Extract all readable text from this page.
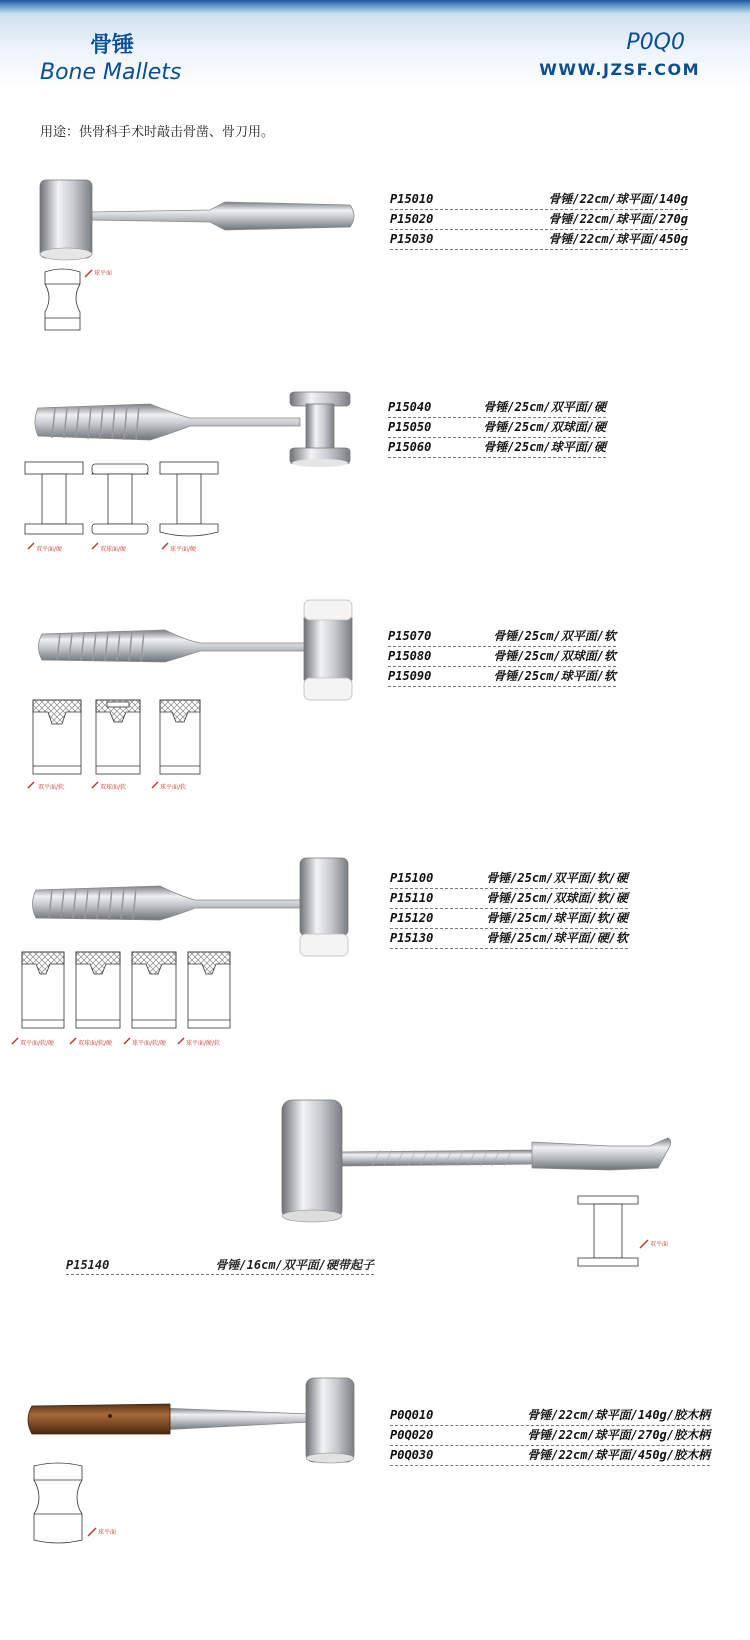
骨锤
Bone Mallets
P0Q0
WWW.JZSF.COM
用途：供骨科手术时敲击骨凿、骨刀用。
球平面
双平面/硬	双球面/硬	球平面/硬
双平面/软	双球面/软	球平面/软
双平面/软/硬	双球面/软/硬	球平面/软/硬	球平面/硬/软
双平面
球平面
P15010	骨锤/22cm/球平面/140g
P15020	骨锤/22cm/球平面/270g
P15030	骨锤/22cm/球平面/450g
P15040	骨锤/25cm/双平面/硬
P15050	骨锤/25cm/双球面/硬
P15060	骨锤/25cm/球平面/硬
P15070	骨锤/25cm/双平面/软
P15080	骨锤/25cm/双球面/软
P15090	骨锤/25cm/球平面/软
P15100	骨锤/25cm/双平面/软/硬
P15110	骨锤/25cm/双球面/软/硬
P15120	骨锤/25cm/球平面/软/硬
P15130	骨锤/25cm/球平面/硬/软
P15140	骨锤/16cm/双平面/硬带起子
P0Q010	骨锤/22cm/球平面/140g/胶木柄
P0Q020	骨锤/22cm/球平面/270g/胶木柄
P0Q030	骨锤/22cm/球平面/450g/胶木柄
